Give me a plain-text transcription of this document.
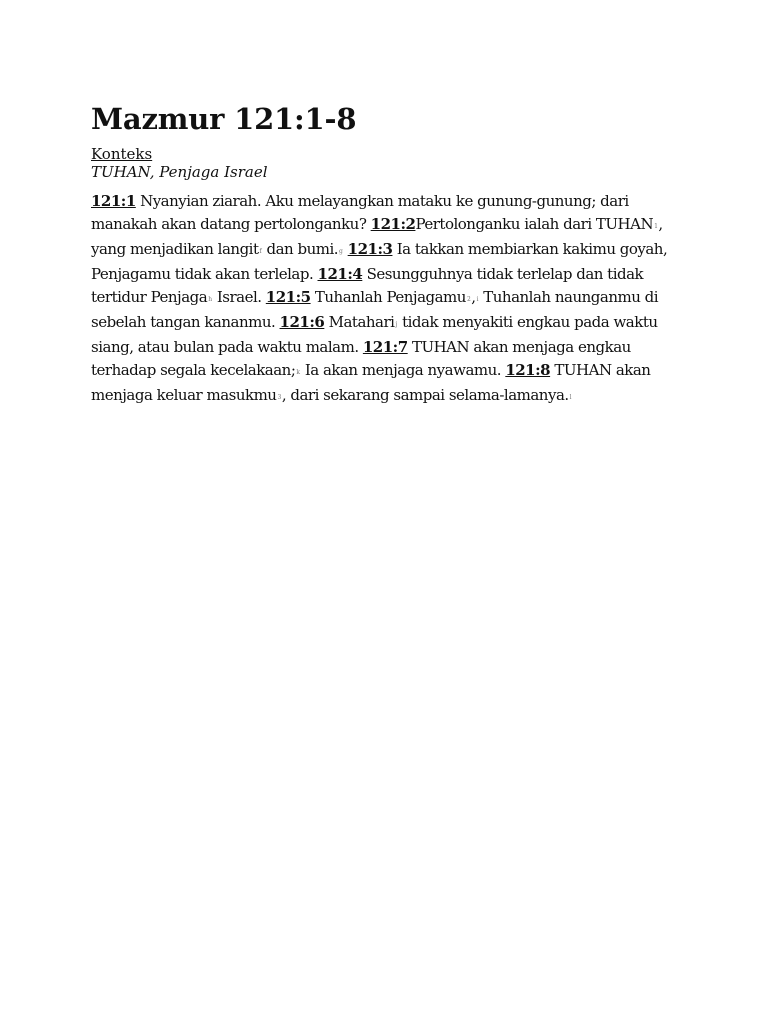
Mazmur 121:1-8
Konteks
TUHAN, Penjaga Israel
121:1 Nyanyian ziarah. Aku melayangkan mataku ke gunung-gunung; dari manakah akan datang pertolonganku? 121:2Pertolonganku ialah dari TUHAN$^1$, yang menjadikan langit$^f$ dan bumi.$^g$ 121:3 Ia takkan membiarkan kakimu goyah, Penjagamu tidak akan terlelap. 121:4 Sesungguhnya tidak terlelap dan tidak tertidur Penjaga$^h$ Israel. 121:5 Tuhanlah Penjagamu$^2$,$^i$ Tuhanlah naunganmu di sebelah tangan kananmu. 121:6 Matahari$^j$ tidak menyakiti engkau pada waktu siang, atau bulan pada waktu malam. 121:7 TUHAN akan menjaga engkau terhadap segala kecelakaan;$^k$ Ia akan menjaga nyawamu. 121:8 TUHAN akan menjaga keluar masukmu$^3$, dari sekarang sampai selama-lamanya.$^l$
